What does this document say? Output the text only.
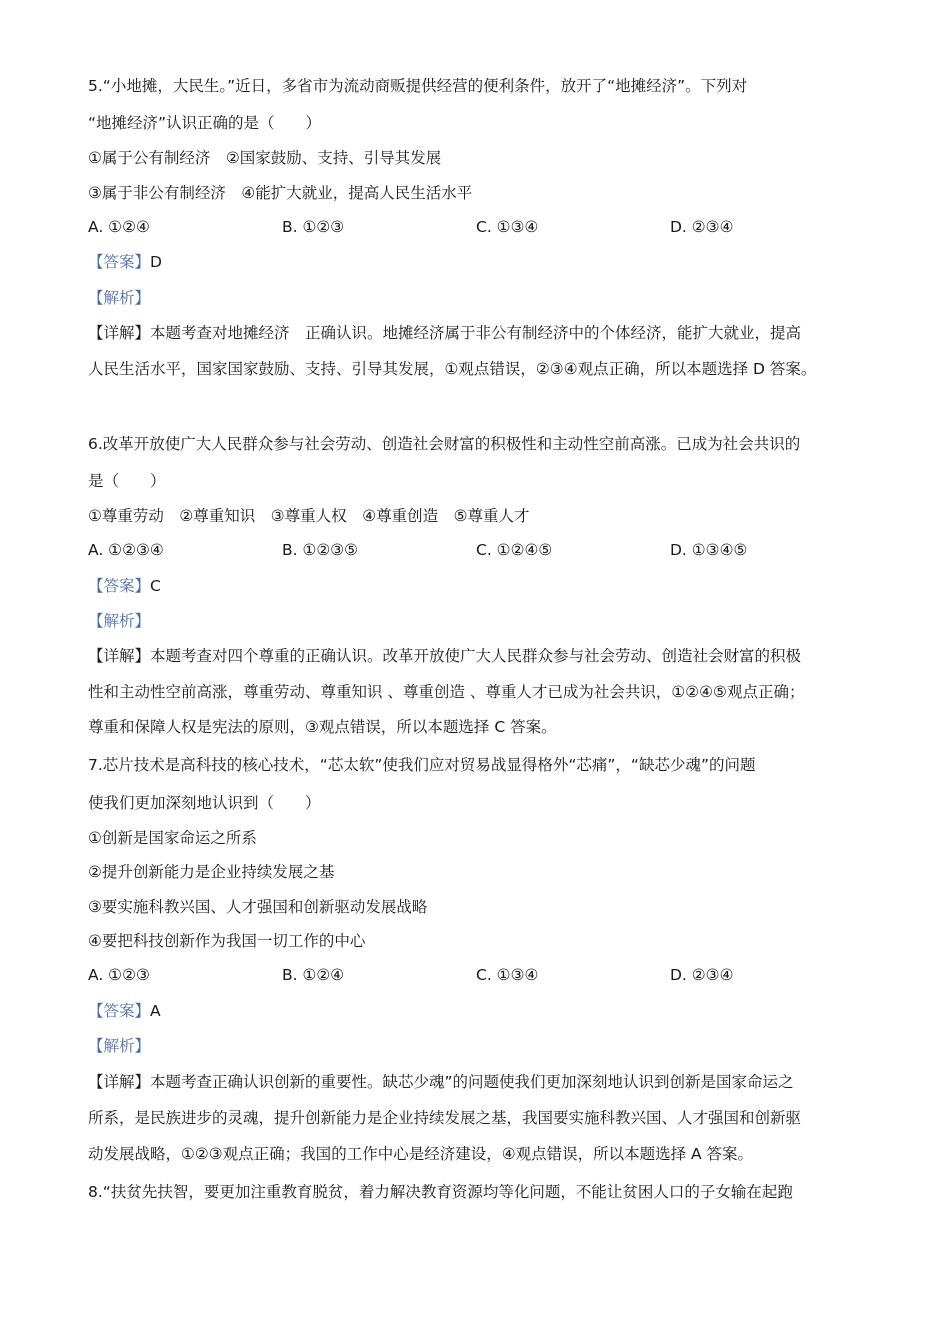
5.“小地摊，大民生。”近日，多省市为流动商贩提供经营的便利条件，放开了“地摊经济”。下列对
“地摊经济”认识正确的是（　　）
①属于公有制经济　②国家鼓励、支持、引导其发展
③属于非公有制经济　④能扩大就业，提高人民生活水平
A. ①②④	B. ①②③	C. ①③④	D. ②③④
【答案】D
【解析】
【详解】本题考查对地摊经济　正确认识。地摊经济属于非公有制经济中的个体经济，能扩大就业，提高
人民生活水平，国家国家鼓励、支持、引导其发展，①观点错误，②③④观点正确，所以本题选择 D 答案。
6.改革开放使广大人民群众参与社会劳动、创造社会财富的积极性和主动性空前高涨。已成为社会共识的
是（　　）
①尊重劳动　②尊重知识　③尊重人权　④尊重创造　⑤尊重人才
A. ①②③④	B. ①②③⑤	C. ①②④⑤	D. ①③④⑤
【答案】C
【解析】
【详解】本题考查对四个尊重的正确认识。改革开放使广大人民群众参与社会劳动、创造社会财富的积极
性和主动性空前高涨，尊重劳动、尊重知识 、尊重创造 、尊重人才已成为社会共识，①②④⑤观点正确；
尊重和保障人权是宪法的原则，③观点错误，所以本题选择 C 答案。
7.芯片技术是高科技的核心技术，“芯太软”使我们应对贸易战显得格外“芯痛”，“缺芯少魂”的问题
使我们更加深刻地认识到（　　）
①创新是国家命运之所系
②提升创新能力是企业持续发展之基
③要实施科教兴国、人才强国和创新驱动发展战略
④要把科技创新作为我国一切工作的中心
A. ①②③	B. ①②④	C. ①③④	D. ②③④
【答案】A
【解析】
【详解】本题考查正确认识创新的重要性。缺芯少魂”的问题使我们更加深刻地认识到创新是国家命运之
所系，是民族进步的灵魂，提升创新能力是企业持续发展之基，我国要实施科教兴国、人才强国和创新驱
动发展战略，①②③观点正确；我国的工作中心是经济建设，④观点错误，所以本题选择 A 答案。
8.“扶贫先扶智，要更加注重教育脱贫，着力解决教育资源均等化问题，不能让贫困人口的子女输在起跑
